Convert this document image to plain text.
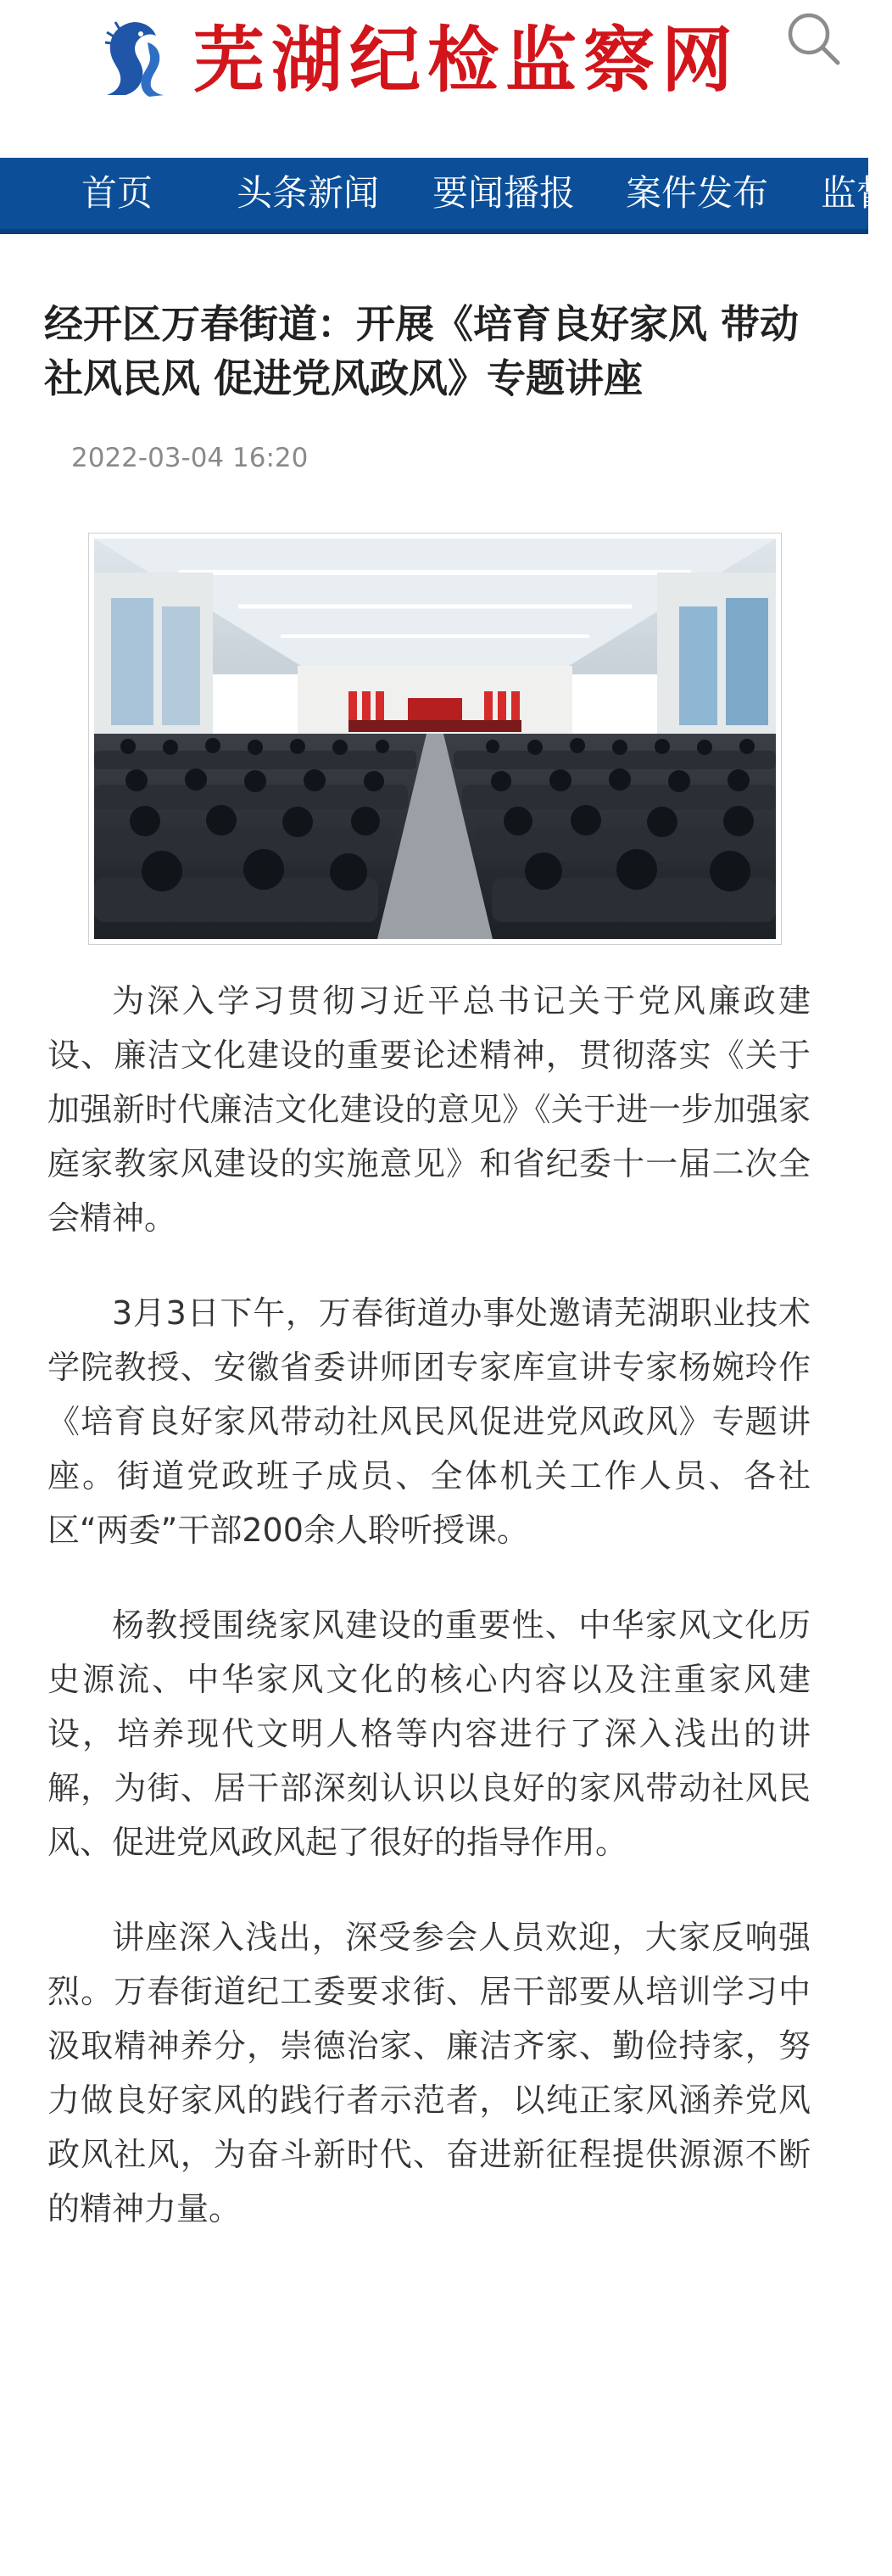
芜湖纪检监察网
首页 头条新闻 要闻播报 案件发布 监督
经开区万春街道：开展《培育良好家风 带动社风民风 促进党风政风》专题讲座
2022-03-04 16:20

为深入学习贯彻习近平总书记关于党风廉政建设、廉洁文化建设的重要论述精神，贯彻落实《关于加强新时代廉洁文化建设的意见》《关于进一步加强家庭家教家风建设的实施意见》和省纪委十一届二次全会精神。

3月3日下午，万春街道办事处邀请芜湖职业技术学院教授、安徽省委讲师团专家库宣讲专家杨婉玲作《培育良好家风带动社风民风促进党风政风》专题讲座。街道党政班子成员、全体机关工作人员、各社区“两委”干部200余人聆听授课。

杨教授围绕家风建设的重要性、中华家风文化历史源流、中华家风文化的核心内容以及注重家风建设，培养现代文明人格等内容进行了深入浅出的讲解，为街、居干部深刻认识以良好的家风带动社风民风、促进党风政风起了很好的指导作用。

讲座深入浅出，深受参会人员欢迎，大家反响强烈。万春街道纪工委要求街、居干部要从培训学习中汲取精神养分，崇德治家、廉洁齐家、勤俭持家，努力做良好家风的践行者示范者，以纯正家风涵养党风政风社风，为奋斗新时代、奋进新征程提供源源不断的精神力量。
